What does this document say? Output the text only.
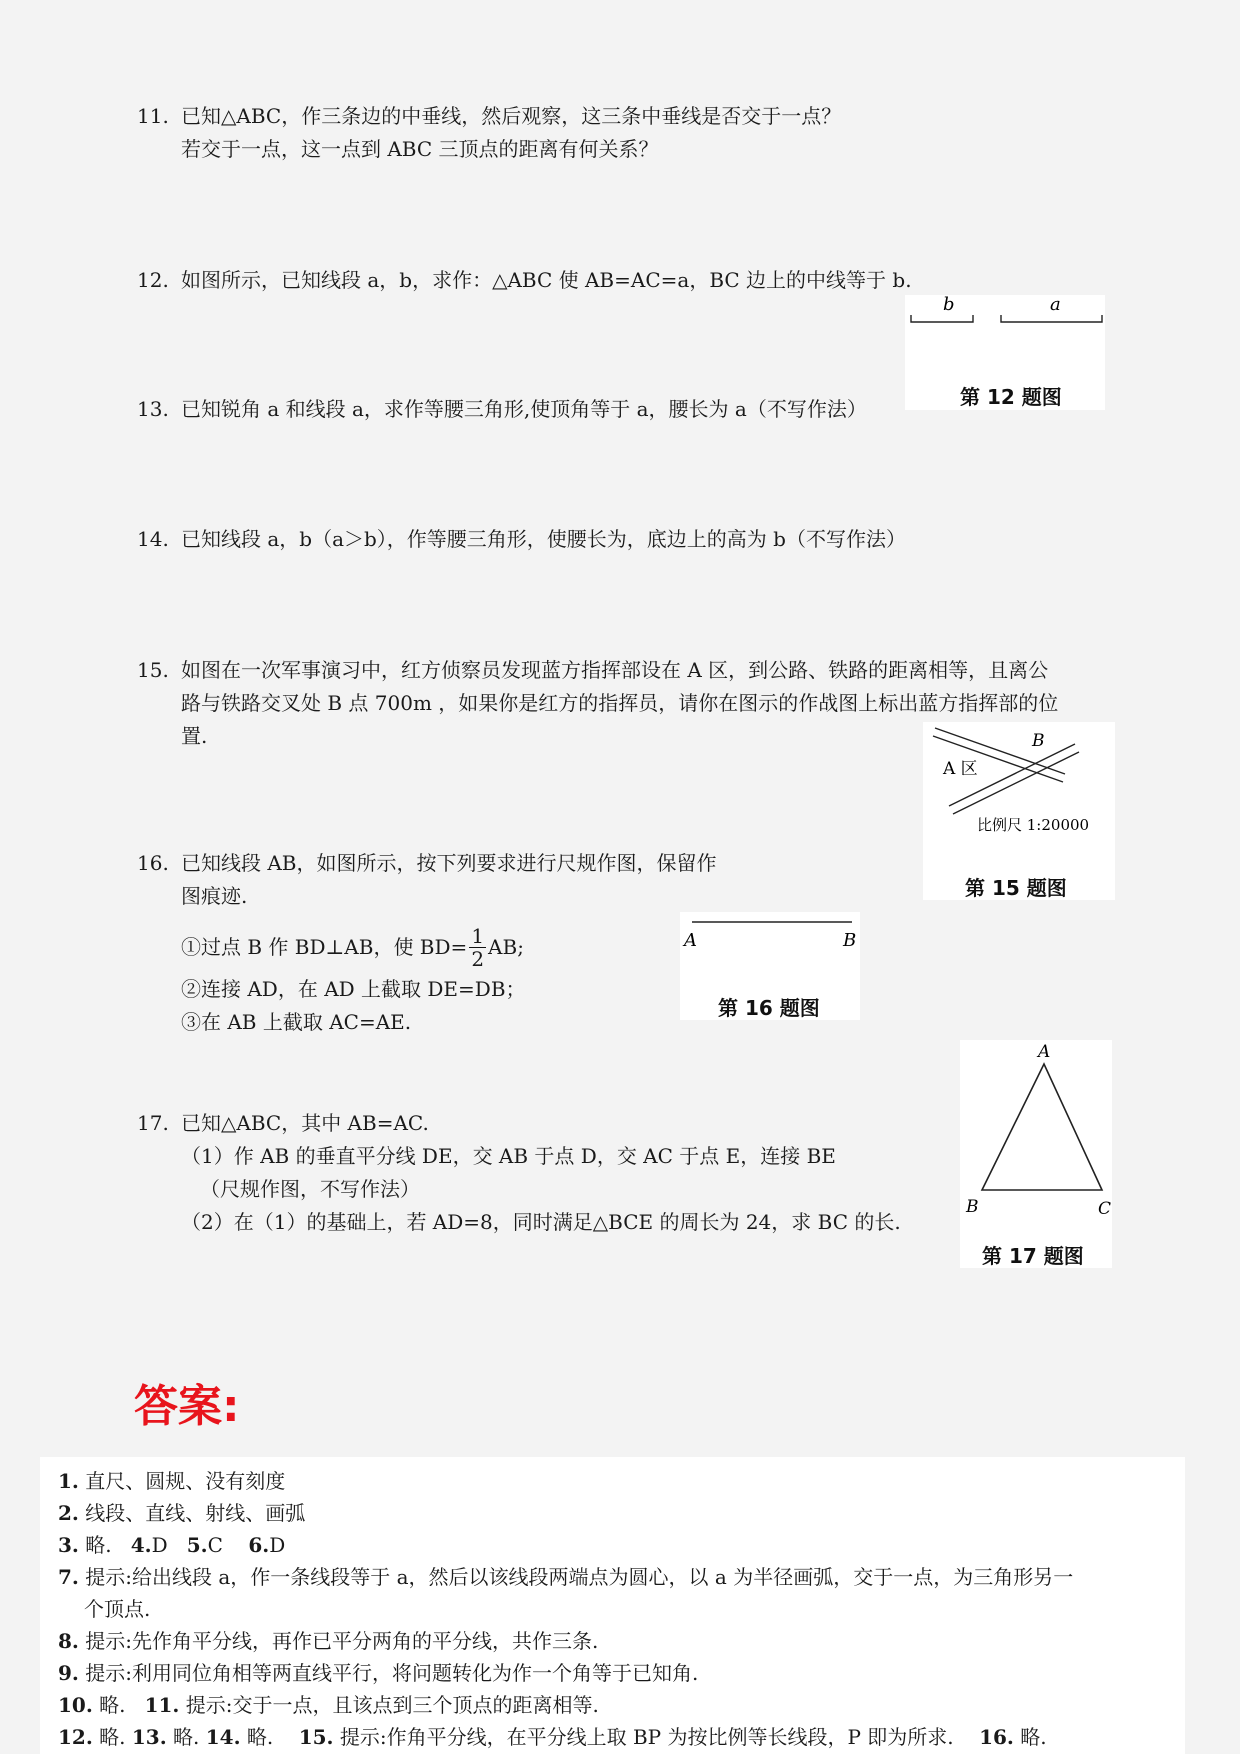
11. 已知△ABC，作三条边的中垂线，然后观察，这三条中垂线是否交于一点？
若交于一点，这一点到 ABC 三顶点的距离有何关系？
12. 如图所示，已知线段 a，b，求作：△ABC 使 AB=AC=a，BC 边上的中线等于 b.
b	a
第 12 题图
13. 已知锐角 a 和线段 a，求作等腰三角形,使顶角等于 a，腰长为 a（不写作法）
14. 已知线段 a，b（a＞b），作等腰三角形，使腰长为，底边上的高为 b（不写作法）
15. 如图在一次军事演习中，红方侦察员发现蓝方指挥部设在 A 区，到公路、铁路的距离相等，且离公
路与铁路交叉处 B 点 700m ，如果你是红方的指挥员，请你在图示的作战图上标出蓝方指挥部的位
置.	B
A 区
比例尺 1:20000
第 15 题图
16. 已知线段 AB，如图所示，按下列要求进行尺规作图，保留作
图痕迹.
①过点 B 作 BD⊥AB，使 $BD= \frac{1}{2}$ AB;
②连接 AD，在 AD 上截取 DE=DB；
③在 AB 上截取 AC=AE.
A	B
第 16 题图
17. 已知△ABC，其中 AB=AC.
（1）作 AB 的垂直平分线 DE，交 AB 于点 D，交 AC 于点 E，连接 BE
（尺规作图，不写作法）
（2）在（1）的基础上，若 AD=8，同时满足△BCE 的周长为 24，求 BC 的长.
A
B	C
第 17 题图
答案:
1. 直尺、圆规、没有刻度
2. 线段、直线、射线、画弧
3. 略. 4.D 5.C 6.D
7. 提示:给出线段 a，作一条线段等于 a，然后以该线段两端点为圆心，以 a 为半径画弧，交于一点，为三角形另一
个顶点.
8. 提示:先作角平分线，再作已平分两角的平分线，共作三条.
9. 提示:利用同位角相等两直线平行，将问题转化为作一个角等于已知角.
10. 略. 11. 提示:交于一点，且该点到三个顶点的距离相等.
12. 略. 13. 略. 14. 略. 15. 提示:作角平分线，在平分线上取 BP 为按比例等长线段，P 即为所求. 16. 略.
